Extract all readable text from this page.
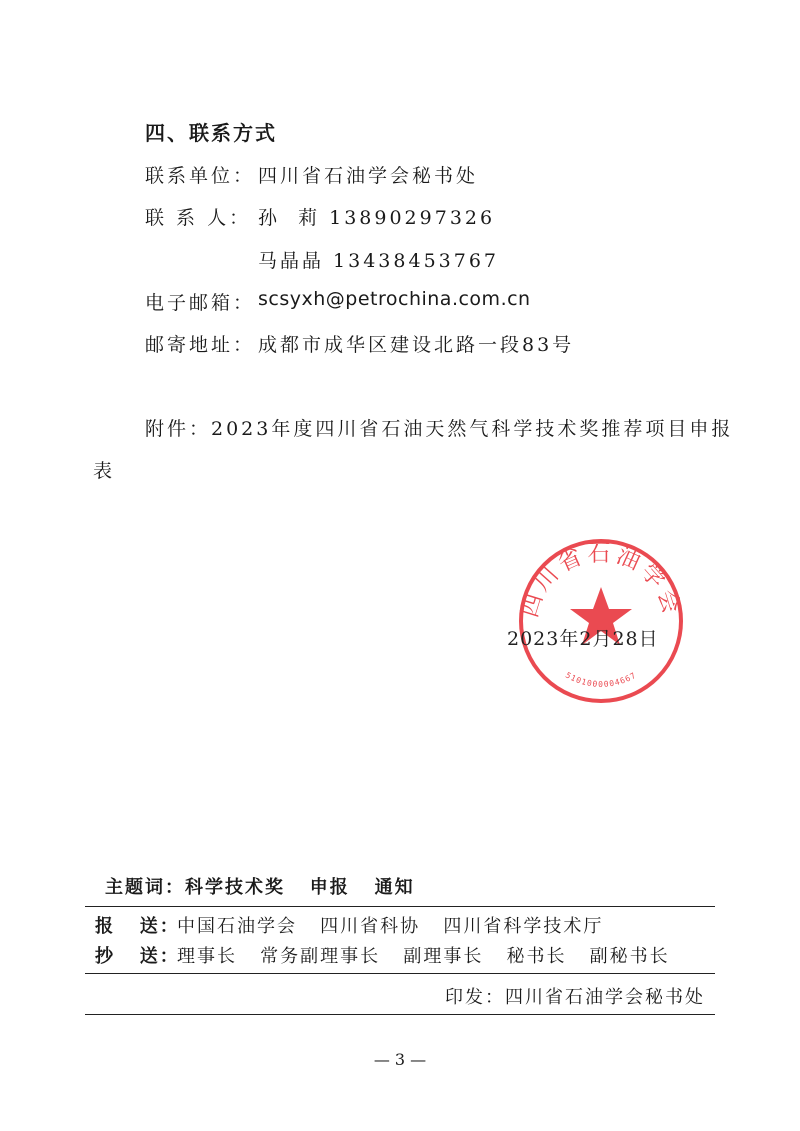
四、联系方式
联系单位： 四川省石油学会秘书处
联 系 人： 孙  莉 13890297326
马晶晶 13438453767
电子邮箱： scsyxh@petrochina.com.cn
邮寄地址： 成都市成华区建设北路一段83号
附件：2023年度四川省石油天然气科学技术奖推荐项目申报
表
四川省石油学会
5101000004667
2023年2月28日
主题词：科学技术奖   申报   通知
报   送：
中国石油学会   四川省科协   四川省科学技术厅
抄   送：
理事长   常务副理事长   副理事长   秘书长   副秘书长
印发：四川省石油学会秘书处
— 3 —
